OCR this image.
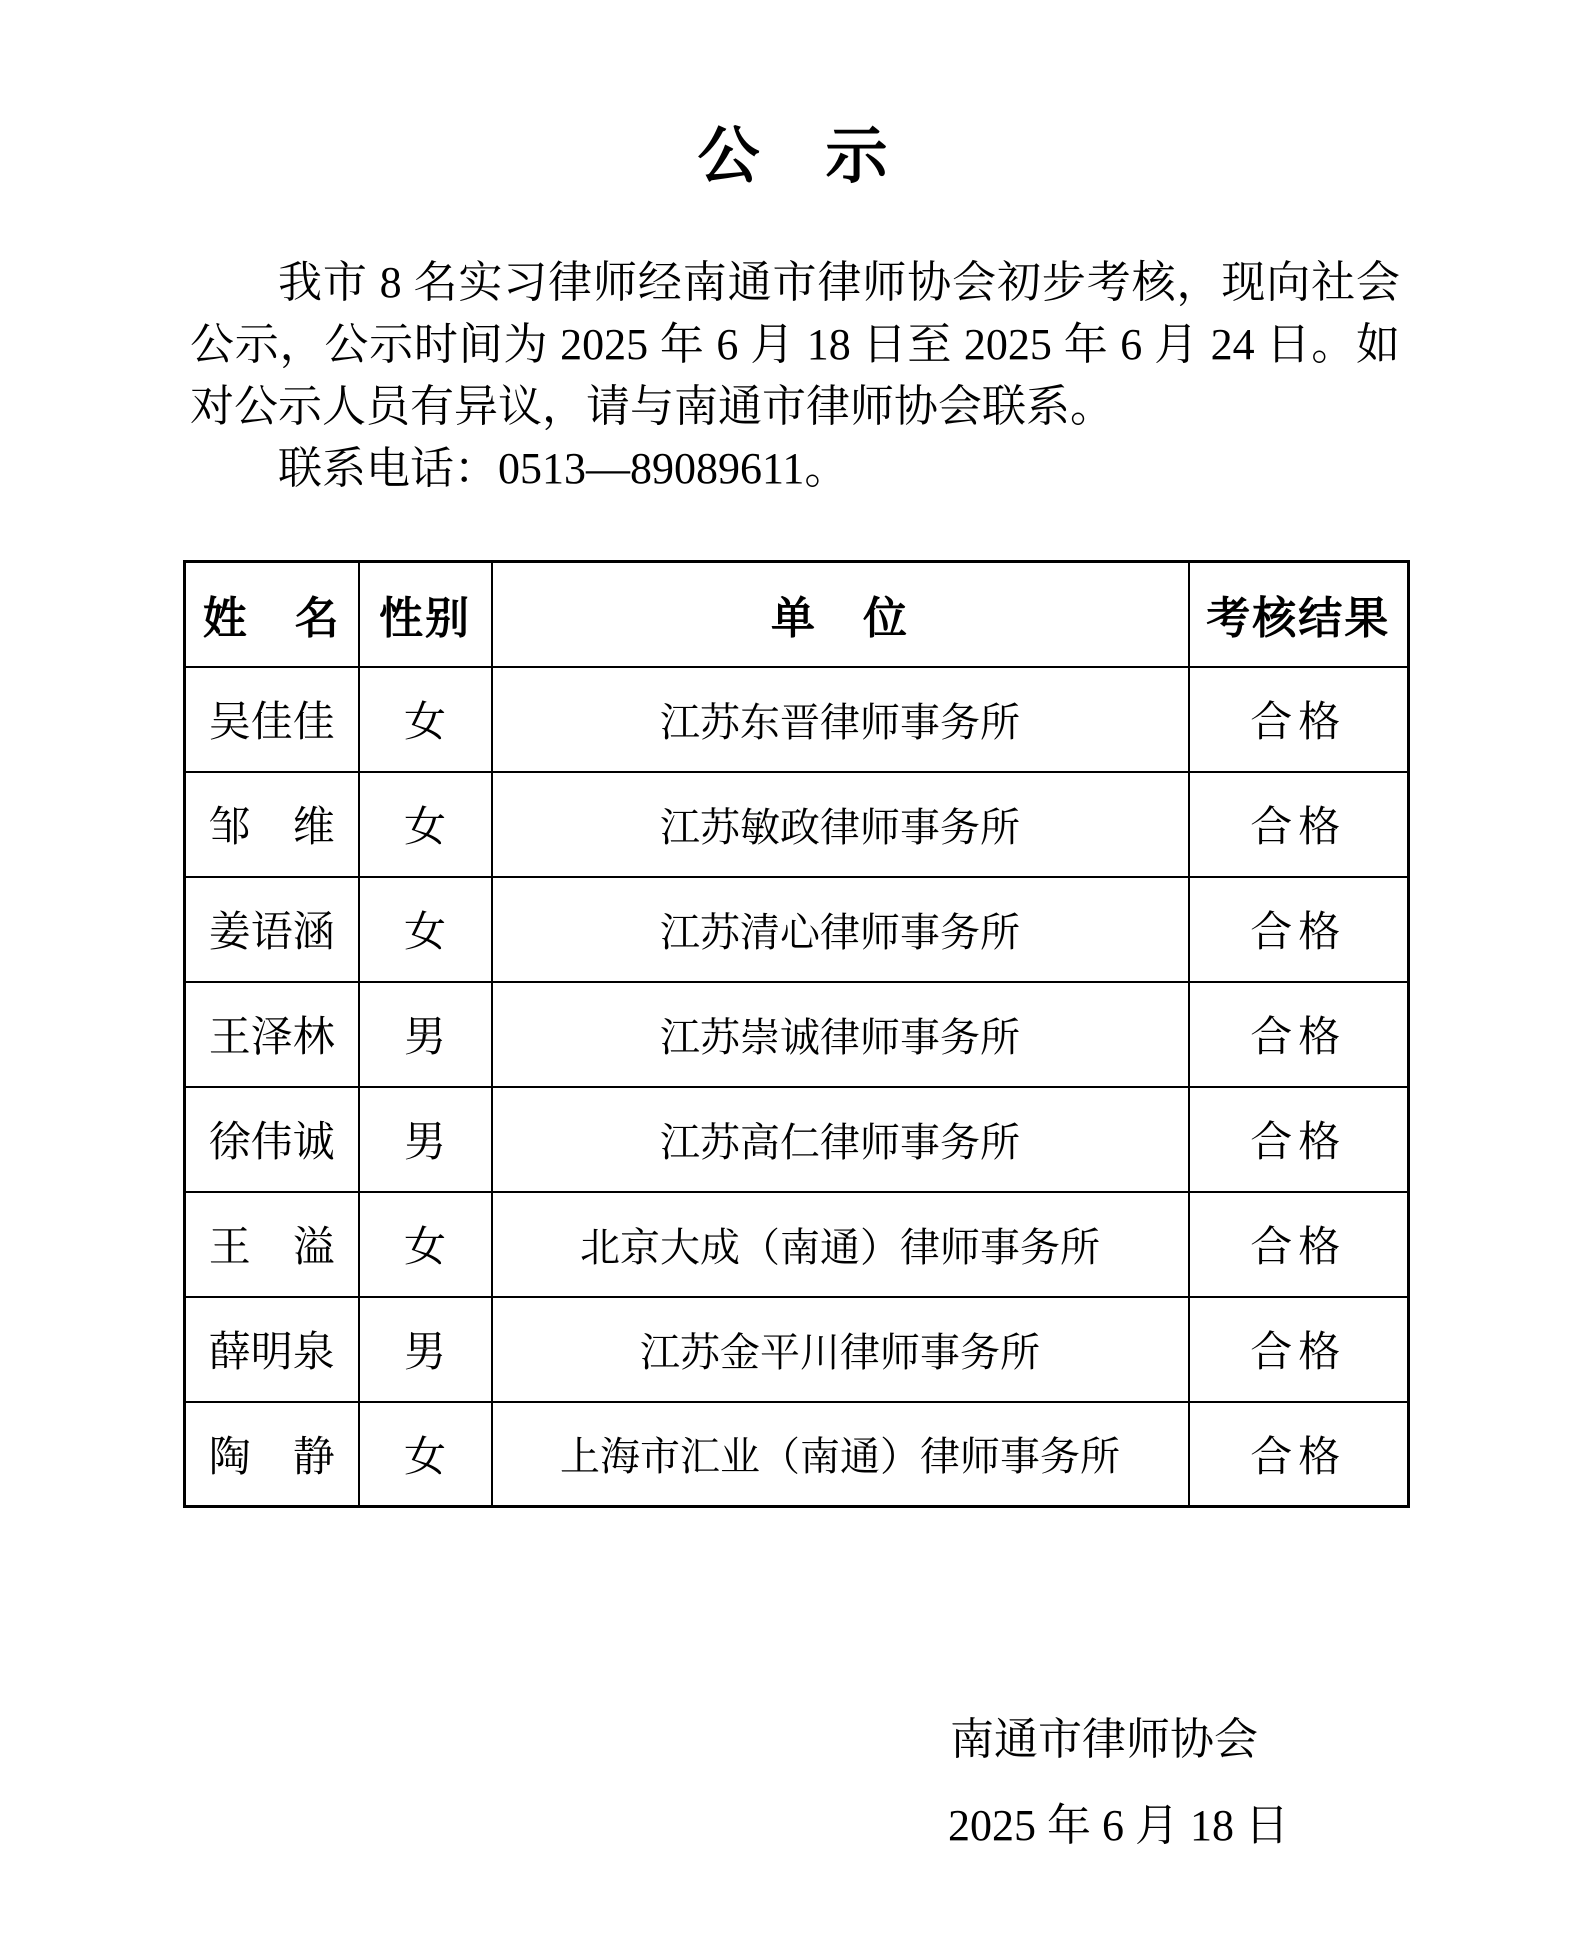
公　示

我市 8 名实习律师经南通市律师协会初步考核，现向社会公示，公示时间为 2025 年 6 月 18 日至 2025 年 6 月 24 日。如对公示人员有异议，请与南通市律师协会联系。

联系电话：0513—89089611。

姓　名	性别	单　位	考核结果
吴佳佳	女	江苏东晋律师事务所	合格
邹　维	女	江苏敏政律师事务所	合格
姜语涵	女	江苏清心律师事务所	合格
王泽林	男	江苏崇诚律师事务所	合格
徐伟诚	男	江苏高仁律师事务所	合格
王　溢	女	北京大成（南通）律师事务所	合格
薛明泉	男	江苏金平川律师事务所	合格
陶　静	女	上海市汇业（南通）律师事务所	合格
南通市律师协会
2025 年 6 月 18 日
